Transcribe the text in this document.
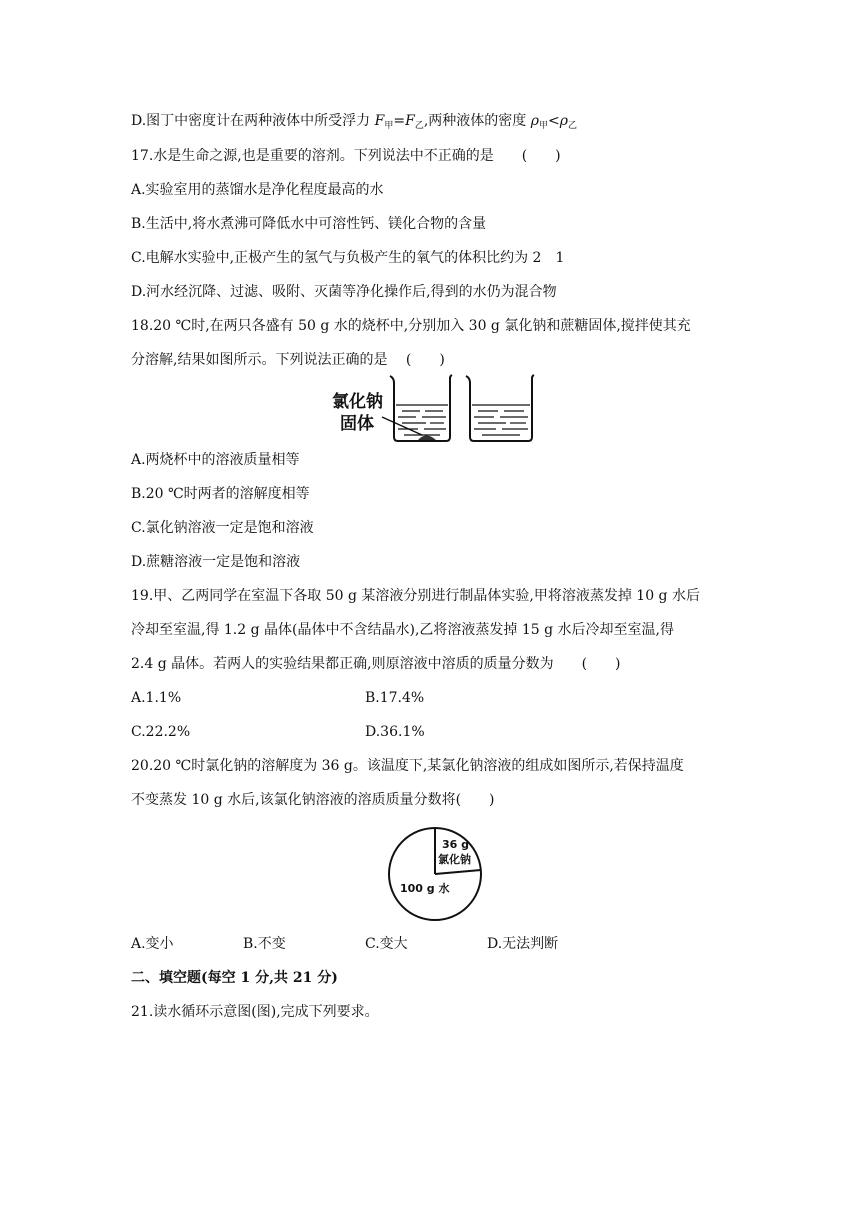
D.图丁中密度计在两种液体中所受浮力 $F_甲=F_乙$,两种液体的密度 $\rho_甲<\rho_乙$
17.水是生命之源,也是重要的溶剂。下列说法中不正确的是　　(　　)
A.实验室用的蒸馏水是净化程度最高的水
B.生活中,将水煮沸可降低水中可溶性钙、镁化合物的含量
C.电解水实验中,正极产生的氢气与负极产生的氧气的体积比约为 2　1
D.河水经沉降、过滤、吸附、灭菌等净化操作后,得到的水仍为混合物
18.20 ℃时,在两只各盛有 50 g 水的烧杯中,分别加入 30 g 氯化钠和蔗糖固体,搅拌使其充
分溶解,结果如图所示。下列说法正确的是　 (　　)
氯化钠
固体
A.两烧杯中的溶液质量相等
B.20 ℃时两者的溶解度相等
C.氯化钠溶液一定是饱和溶液
D.蔗糖溶液一定是饱和溶液
19.甲、乙两同学在室温下各取 50 g 某溶液分别进行制晶体实验,甲将溶液蒸发掉 10 g 水后
冷却至室温,得 1.2 g 晶体(晶体中不含结晶水),乙将溶液蒸发掉 15 g 水后冷却至室温,得
2.4 g 晶体。若两人的实验结果都正确,则原溶液中溶质的质量分数为　　(　　)
A.1.1%	B.17.4%
C.22.2%	D.36.1%
20.20 ℃时氯化钠的溶解度为 36 g。该温度下,某氯化钠溶液的组成如图所示,若保持温度
不变蒸发 10 g 水后,该氯化钠溶液的溶质质量分数将(　　)
36 g
氯化钠
100 g 水
A.变小	B.不变	C.变大	D.无法判断
二、填空题(每空 1 分,共 21 分)
21.读水循环示意图(图),完成下列要求。
